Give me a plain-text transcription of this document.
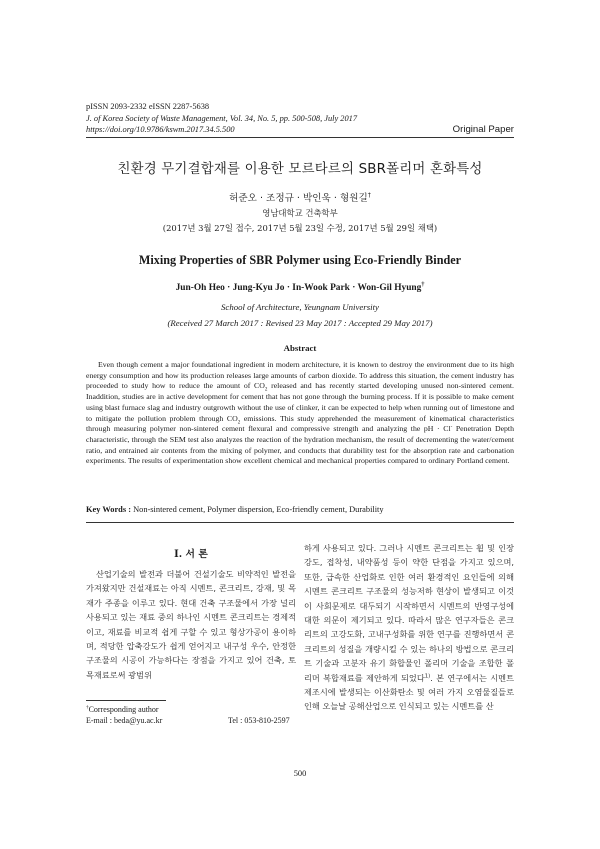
pISSN 2093-2332 eISSN 2287-5638
J. of Korea Society of Waste Management, Vol. 34, No. 5, pp. 500-508, July 2017
https://doi.org/10.9786/kswm.2017.34.5.500	Original Paper
친환경 무기결합재를 이용한 모르타르의 SBR폴리머 혼화특성
허준오 · 조정규 · 박인욱 · 형원길†
영남대학교 건축학부
(2017년 3월 27일 접수, 2017년 5월 23일 수정, 2017년 5월 29일 채택)
Mixing Properties of SBR Polymer using Eco-Friendly Binder
Jun-Oh Heo · Jung-Kyu Jo · In-Wook Park · Won-Gil Hyung†
School of Architecture, Yeungnam University
(Received 27 March 2017 : Revised 23 May 2017 : Accepted 29 May 2017)
Abstract

Even though cement a major foundational ingredient in modern architecture, it is known to destroy the environment due to its high energy consumption and how its production releases large amounts of carbon dioxide. To address this situation, the cement industry has proceeded to study how to reduce the amount of $CO_2$ released and has recently started developing unused non-sintered cement. Inaddition, studies are in active development for cement that has not gone through the burning process. If it is possible to make cement using blast furnace slag and industry outgrowth without the use of clinker, it can be expected to help when running out of limestone and to mitigate the pollution problem through $CO_2$ emissions. This study apprehended the measurement of kinematical characteristics through measuring polymer non-sintered cement flexural and compressive strength and analyzing the pH · Cl- Penetration Depth characteristic, through the SEM test also analyzes the reaction of the hydration mechanism, the result of decrementing the water/cement ratio, and entrained air contents from the mixing of polymer, and conducts that durability test for the absorption rate and carbonation experiments. The results of experimentation show excellent chemical and mechanical properties compared to ordinary Portland cement.

Key Words : Non-sintered cement, Polymer dispersion, Eco-friendly cement, Durability
I. 서 론

산업기술의 발전과 더불어 건설기술도 비약적인 발전을 가져왔지만 건설재료는 아직 시멘트, 콘크리트, 강재, 및 목재가 주종을 이루고 있다. 현대 건축 구조물에서 가장 널리 사용되고 있는 재료 중의 하나인 시멘트 콘크리트는 경제적이고, 재료를 비교적 쉽게 구할 수 있고 형상가공이 용이하며, 적당한 압축강도가 쉽게 얻어지고 내구성 우수, 안정한 구조물의 시공이 가능하다는 장점을 가지고 있어 건축, 토목재료로써 광범위

하게 사용되고 있다. 그러나 시멘트 콘크리트는 휨 및 인장강도, 접착성, 내약품성 등이 약한 단점을 가지고 있으며, 또한, 급속한 산업화로 인한 여러 환경적인 요인들에 의해 시멘트 콘크리트 구조물의 성능저하 현상이 발생되고 이것이 사회문제로 대두되기 시작하면서 시멘트의 반영구성에 대한 의문이 제기되고 있다. 따라서 많은 연구자들은 콘크리트의 고강도화, 고내구성화를 위한 연구를 진행하면서 콘크리트의 성질을 개량시킬 수 있는 하나의 방법으로 콘크리트 기술과 고분자 유기 화합물인 폴리머 기술을 조합한 폴리머 복합재료를 제안하게 되었다$^{1)}$. 본 연구에서는 시멘트 제조시에 발생되는 이산화탄소 및 여러 가지 오염물질들로 인해 오늘날 공해산업으로 인식되고 있는 시멘트를 산

†Corresponding author
E-mail : beda@yu.ac.kr	Tel : 053-810-2597
500
